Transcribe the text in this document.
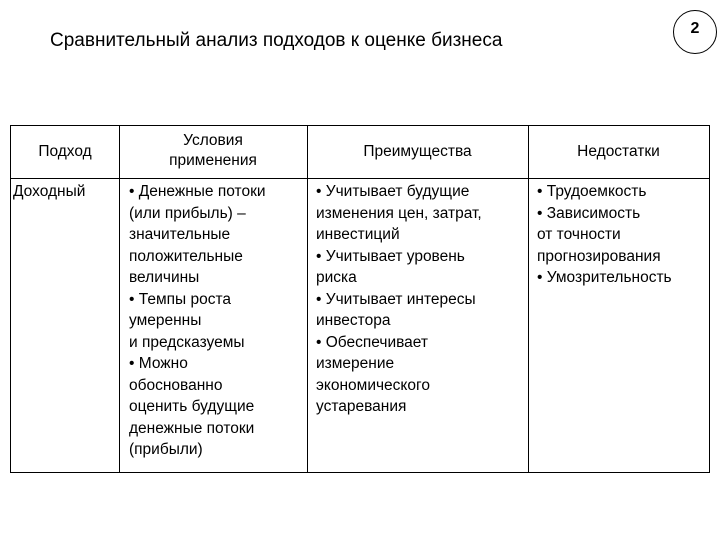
Сравнительный анализ подходов к оценке бизнеса
2
Подход
Условия
применения
Преимущества	Недостатки
Доходный	• Денежные потоки
(или прибыль) –
значительные
положительные
величины
• Темпы роста
умеренны
и предсказуемы
• Можно
обоснованно
оценить будущие
денежные потоки
(прибыли)
• Учитывает будущие
изменения цен, затрат,
инвестиций
• Учитывает уровень
риска
• Учитывает интересы
инвестора
• Обеспечивает
измерение
экономического
устаревания
• Трудоемкость
• Зависимость
от точности
прогнозирования
• Умозрительность
